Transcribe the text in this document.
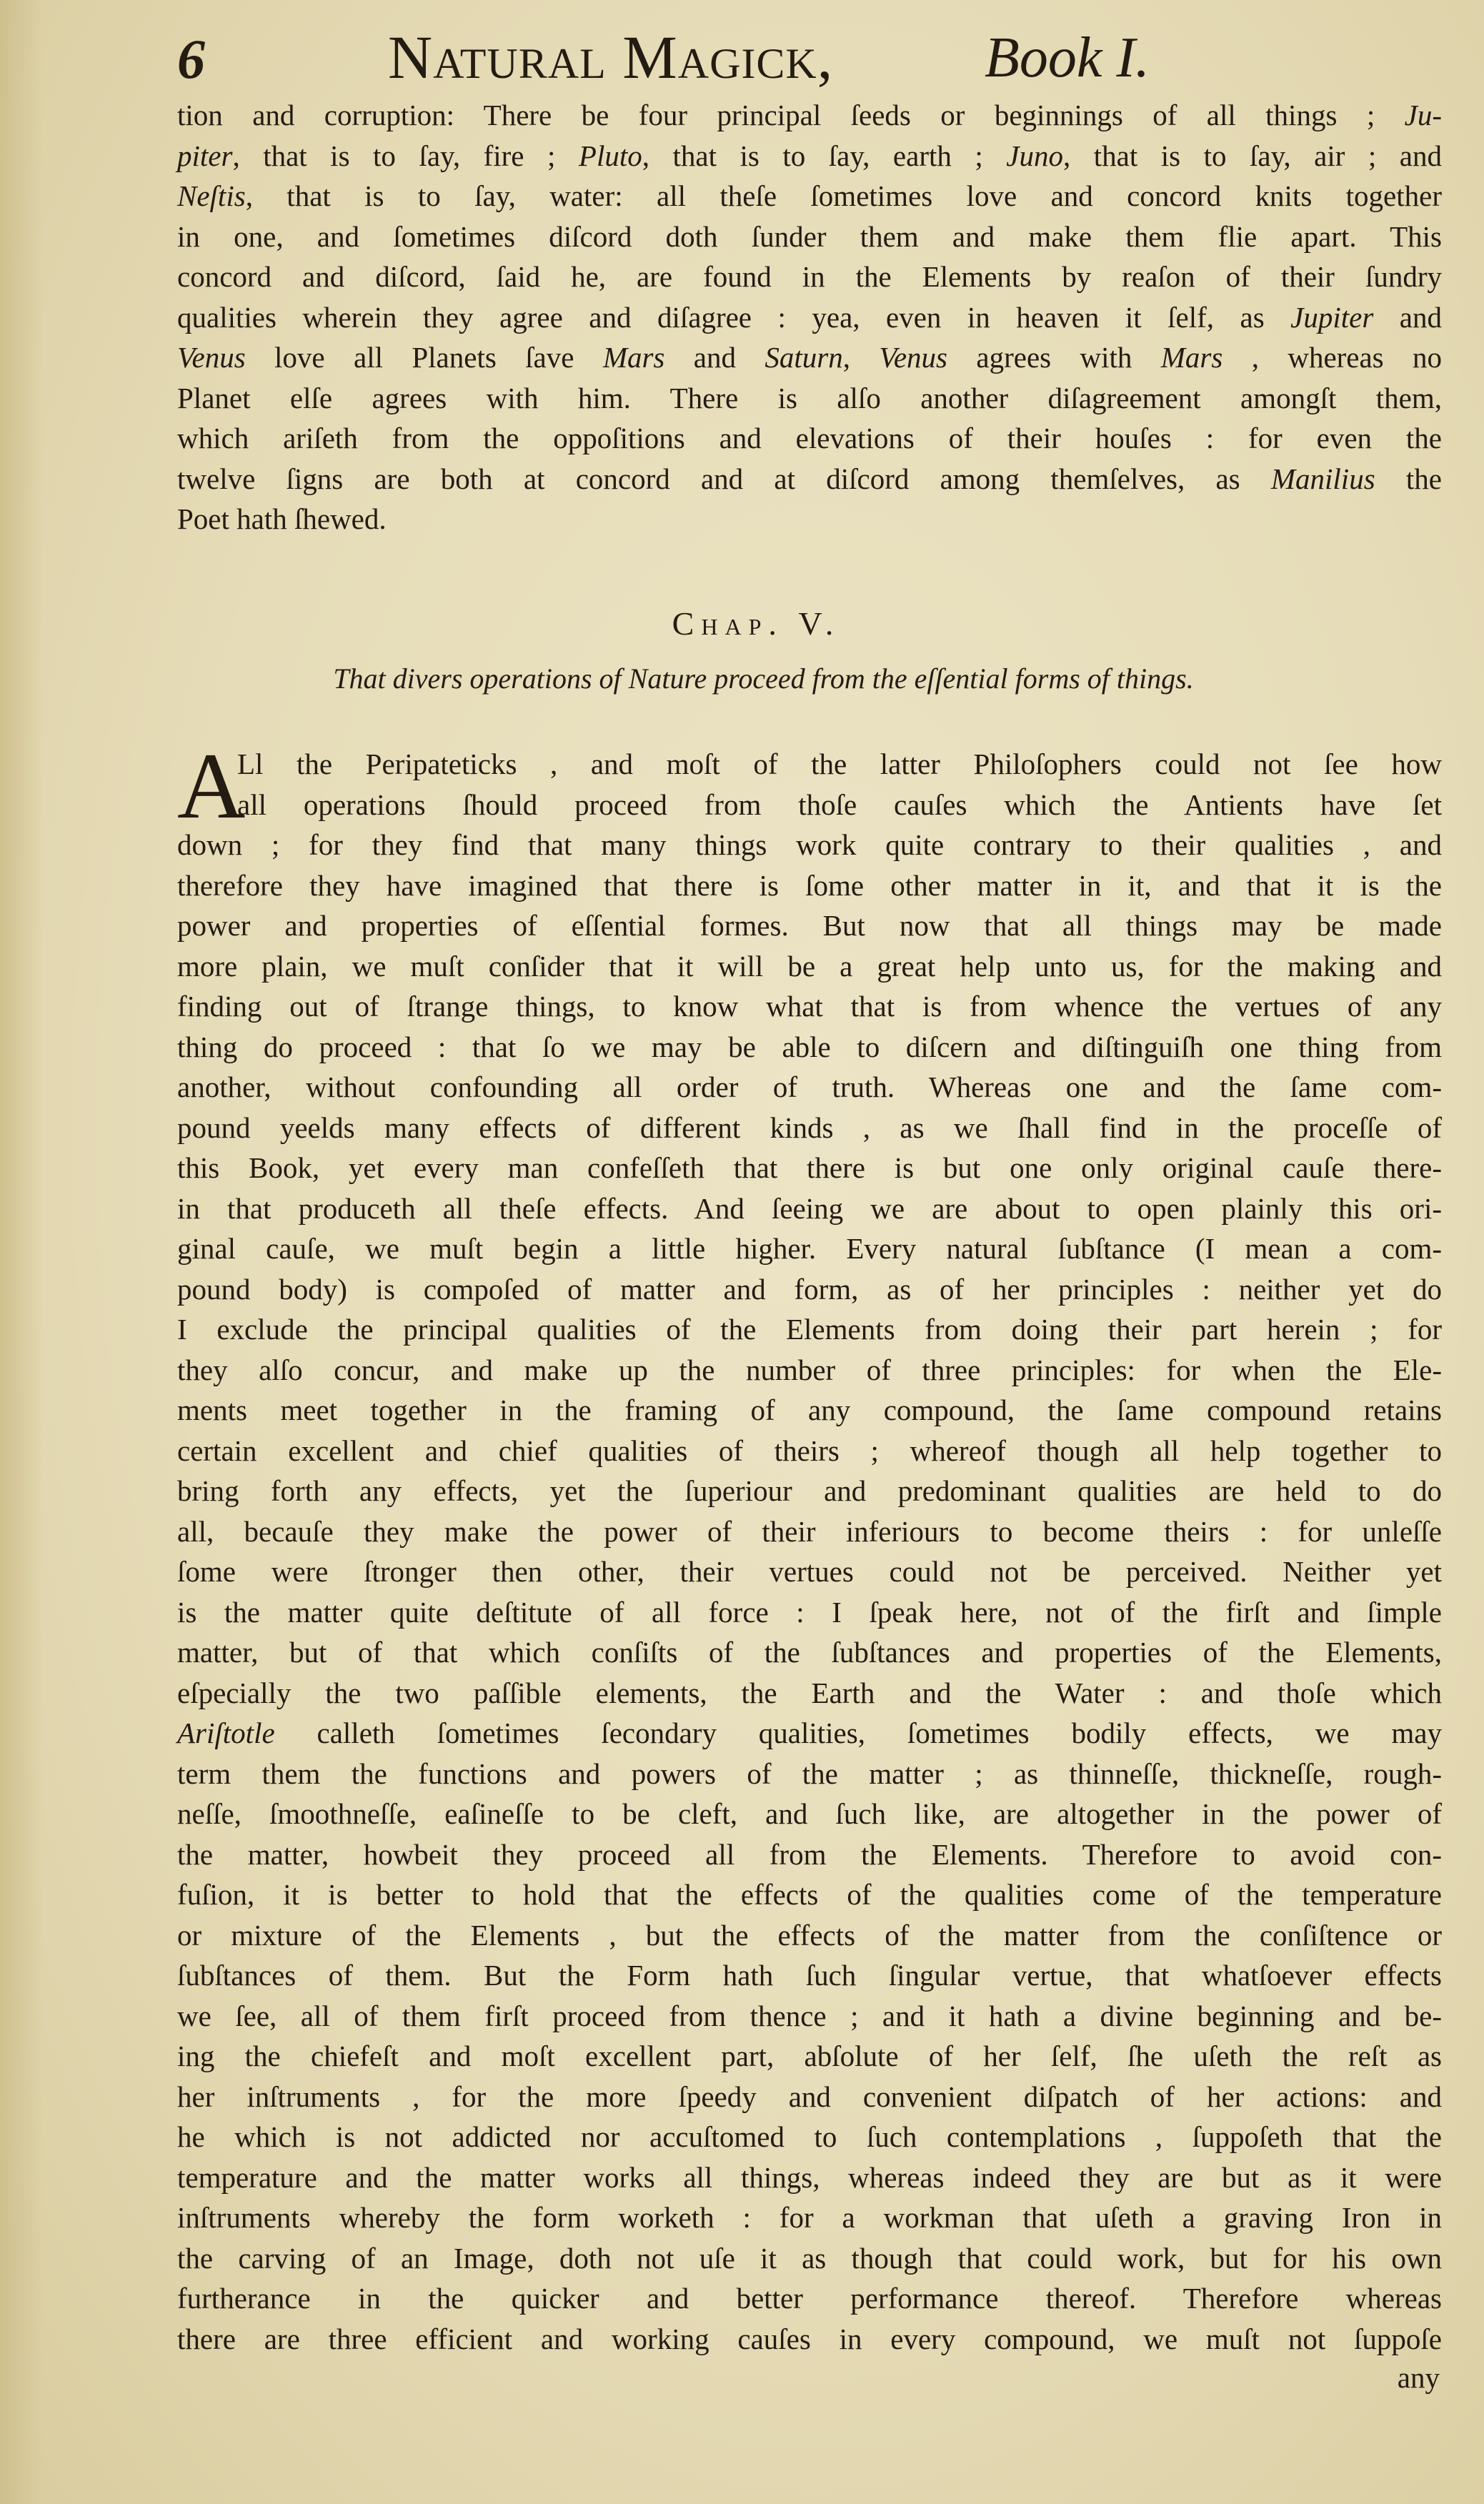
6	Natural Magick,	Book I.
tion and corruption: There be four principal ſeeds or beginnings of all things ; Ju-
piter, that is to ſay, fire ; Pluto, that is to ſay, earth ; Juno, that is to ſay, air ; and
Neſtis, that is to ſay, water: all theſe ſometimes love and concord knits together
in one, and ſometimes diſcord doth ſunder them and make them flie apart. This
concord and diſcord, ſaid he, are found in the Elements by reaſon of their ſundry
qualities wherein they agree and diſagree : yea, even in heaven it ſelf, as Jupiter and
Venus love all Planets ſave Mars and Saturn, Venus agrees with Mars , whereas no
Planet elſe agrees with him. There is alſo another diſagreement amongſt them,
which ariſeth from the oppoſitions and elevations of their houſes : for even the
twelve ſigns are both at concord and at diſcord among themſelves, as Manilius the
Poet hath ſhewed.
Chap. V.
That divers operations of Nature proceed from the eſſential forms of things.
A
Ll the Peripateticks , and moſt of the latter Philoſophers could not ſee how
all operations ſhould proceed from thoſe cauſes which the Antients have ſet
down ; for they find that many things work quite contrary to their qualities , and
therefore they have imagined that there is ſome other matter in it, and that it is the
power and properties of eſſential formes. But now that all things may be made
more plain, we muſt conſider that it will be a great help unto us, for the making and
finding out of ſtrange things, to know what that is from whence the vertues of any
thing do proceed : that ſo we may be able to diſcern and diſtinguiſh one thing from
another, without confounding all order of truth. Whereas one and the ſame com-
pound yeelds many effects of different kinds , as we ſhall find in the proceſſe of
this Book, yet every man confeſſeth that there is but one only original cauſe there-
in that produceth all theſe effects. And ſeeing we are about to open plainly this ori-
ginal cauſe, we muſt begin a little higher. Every natural ſubſtance (I mean a com-
pound body) is compoſed of matter and form, as of her principles : neither yet do
I exclude the principal qualities of the Elements from doing their part herein ; for
they alſo concur, and make up the number of three principles: for when the Ele-
ments meet together in the framing of any compound, the ſame compound retains
certain excellent and chief qualities of theirs ; whereof though all help together to
bring forth any effects, yet the ſuperiour and predominant qualities are held to do
all, becauſe they make the power of their inferiours to become theirs : for unleſſe
ſome were ſtronger then other, their vertues could not be perceived. Neither yet
is the matter quite deſtitute of all force : I ſpeak here, not of the firſt and ſimple
matter, but of that which conſiſts of the ſubſtances and properties of the Elements,
eſpecially the two paſſible elements, the Earth and the Water : and thoſe which
Ariſtotle calleth ſometimes ſecondary qualities, ſometimes bodily effects, we may
term them the functions and powers of the matter ; as thinneſſe, thickneſſe, rough-
neſſe, ſmoothneſſe, eaſineſſe to be cleft, and ſuch like, are altogether in the power of
the matter, howbeit they proceed all from the Elements. Therefore to avoid con-
fuſion, it is better to hold that the effects of the qualities come of the temperature
or mixture of the Elements , but the effects of the matter from the conſiſtence or
ſubſtances of them. But the Form hath ſuch ſingular vertue, that whatſoever effects
we ſee, all of them firſt proceed from thence ; and it hath a divine beginning and be-
ing the chiefeſt and moſt excellent part, abſolute of her ſelf, ſhe uſeth the reſt as
her inſtruments , for the more ſpeedy and convenient diſpatch of her actions: and
he which is not addicted nor accuſtomed to ſuch contemplations , ſuppoſeth that the
temperature and the matter works all things, whereas indeed they are but as it were
inſtruments whereby the form worketh : for a workman that uſeth a graving Iron in
the carving of an Image, doth not uſe it as though that could work, but for his own
furtherance in the quicker and better performance thereof. Therefore whereas
there are three efficient and working cauſes in every compound, we muſt not ſuppoſe
any
